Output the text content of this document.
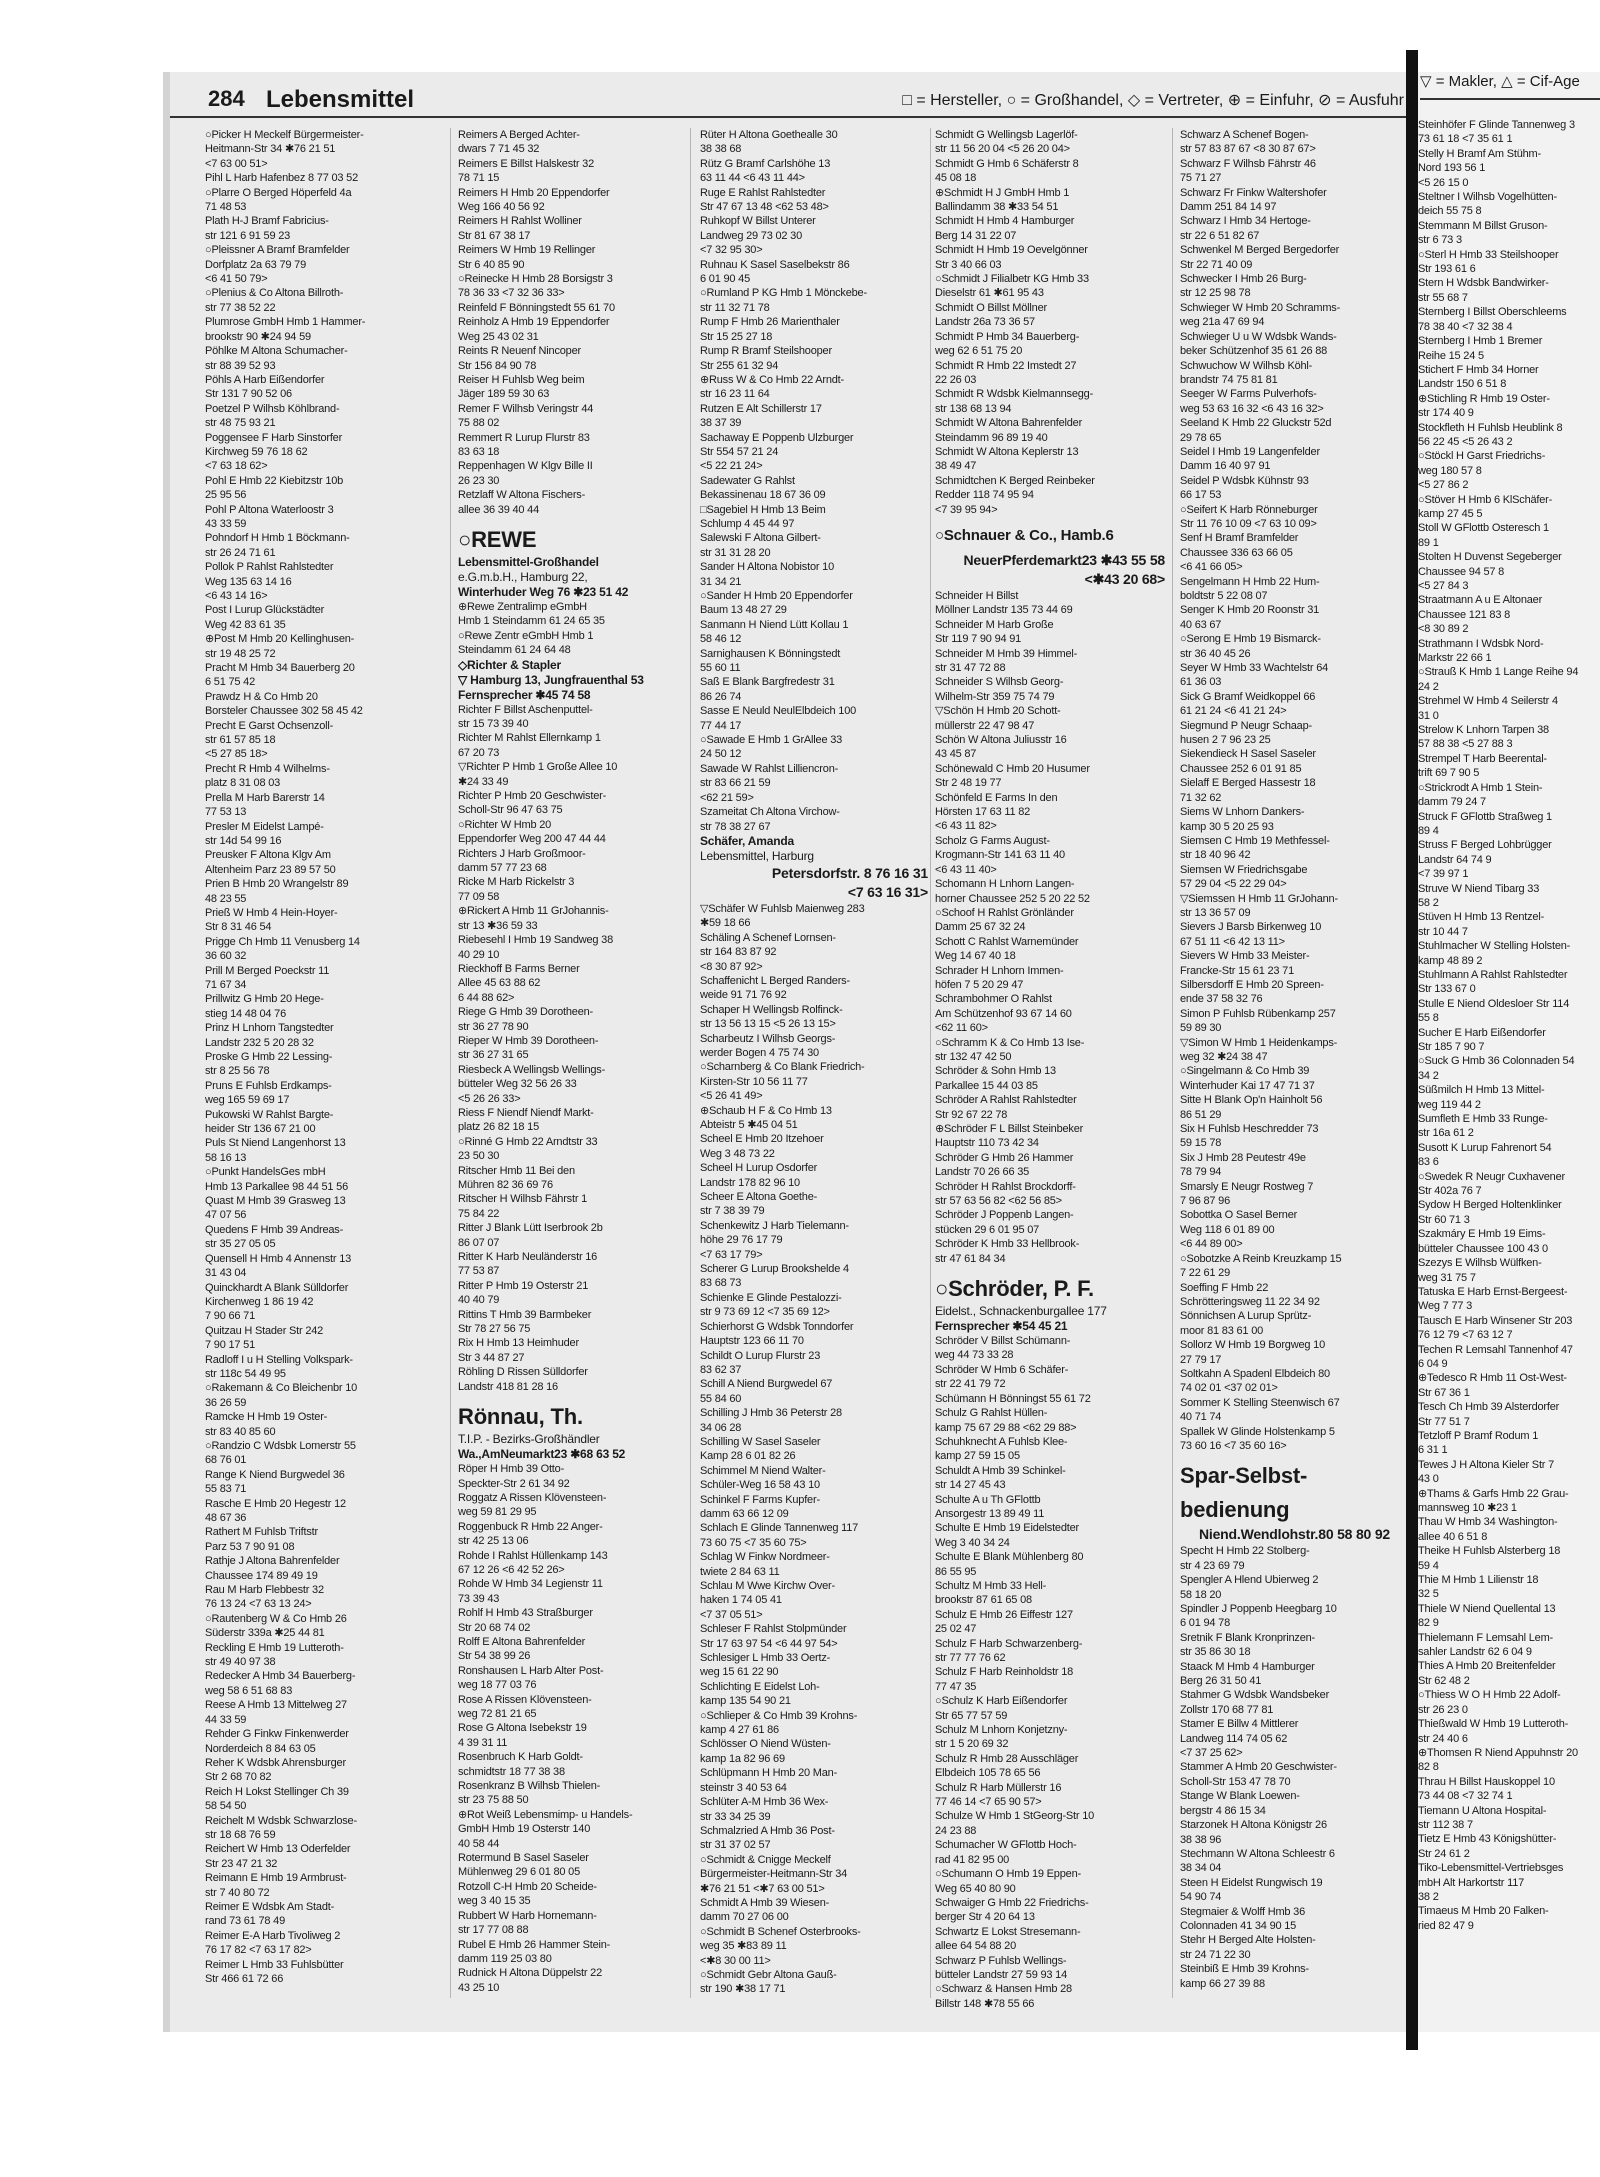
284 Lebensmittel	□ = Hersteller, ○ = Großhandel, ◇ = Vertreter, ⊕ = Einfuhr, ⊘ = Ausfuhr
▽ = Makler, △ = Cif-Age
○Picker H Meckelf Bürgermeister-
Heitmann-Str 34 ✱76 21 51
<7 63 00 51>
Pihl L Harb Hafenbez 8 77 03 52
○Plarre O Berged Höperfeld 4a
71 48 53
Plath H-J Bramf Fabricius-
str 121 6 91 59 23
○Pleissner A Bramf Bramfelder
Dorfplatz 2a 63 79 79
<6 41 50 79>
○Plenius & Co Altona Billroth-
str 77 38 52 22
Plumrose GmbH Hmb 1 Hammer-
brookstr 90 ✱24 94 59
Pöhlke M Altona Schumacher-
str 88 39 52 93
Pöhls A Harb Eißendorfer
Str 131 7 90 52 06
Poetzel P Wilhsb Köhlbrand-
str 48 75 93 21
Poggensee F Harb Sinstorfer
Kirchweg 59 76 18 62
<7 63 18 62>
Pohl E Hmb 22 Kiebitzstr 10b
25 95 56
Pohl P Altona Waterloostr 3
43 33 59
Pohndorf H Hmb 1 Böckmann-
str 26 24 71 61
Pollok P Rahlst Rahlstedter
Weg 135 63 14 16
<6 43 14 16>
Post I Lurup Glückstädter
Weg 42 83 61 35
⊕Post M Hmb 20 Kellinghusen-
str 19 48 25 72
Pracht M Hmb 34 Bauerberg 20
6 51 75 42
Prawdz H & Co Hmb 20
Borsteler Chaussee 302 58 45 42
Precht E Garst Ochsenzoll-
str 61 57 85 18
<5 27 85 18>
Precht R Hmb 4 Wilhelms-
platz 8 31 08 03
Prella M Harb Barerstr 14
77 53 13
Presler M Eidelst Lampé-
str 14d 54 99 16
Preusker F Altona Klgv Am
Altenheim Parz 23 89 57 50
Prien B Hmb 20 Wrangelstr 89
48 23 55
Prieß W Hmb 4 Hein-Hoyer-
Str 8 31 46 54
Prigge Ch Hmb 11 Venusberg 14
36 60 32
Prill M Berged Poeckstr 11
71 67 34
Prillwitz G Hmb 20 Hege-
stieg 14 48 04 76
Prinz H Lnhorn Tangstedter
Landstr 232 5 20 28 32
Proske G Hmb 22 Lessing-
str 8 25 56 78
Pruns E Fuhlsb Erdkamps-
weg 165 59 69 17
Pukowski W Rahlst Bargte-
heider Str 136 67 21 00
Puls St Niend Langenhorst 13
58 16 13
○Punkt HandelsGes mbH
Hmb 13 Parkallee 98 44 51 56
Quast M Hmb 39 Grasweg 13
47 07 56
Quedens F Hmb 39 Andreas-
str 35 27 05 05
Quensell H Hmb 4 Annenstr 13
31 43 04
Quinckhardt A Blank Sülldorfer
Kirchenweg 1 86 19 42
7 90 66 71
Quitzau H Stader Str 242
7 90 17 51
Radloff I u H Stelling Volkspark-
str 118c 54 49 95
○Rakemann & Co Bleichenbr 10
36 26 59
Ramcke H Hmb 19 Oster-
str 83 40 85 60
○Randzio C Wdsbk Lomerstr 55
68 76 01
Range K Niend Burgwedel 36
55 83 71
Rasche E Hmb 20 Hegestr 12
48 67 36
Rathert M Fuhlsb Triftstr
Parz 53 7 90 91 08
Rathje J Altona Bahrenfelder
Chaussee 174 89 49 19
Rau M Harb Flebbestr 32
76 13 24 <7 63 13 24>
○Rautenberg W & Co Hmb 26
Süderstr 339a ✱25 44 81
Reckling E Hmb 19 Lutteroth-
str 49 40 97 38
Redecker A Hmb 34 Bauerberg-
weg 58 6 51 68 83
Reese A Hmb 13 Mittelweg 27
44 33 59
Rehder G Finkw Finkenwerder
Norderdeich 8 84 63 05
Reher K Wdsbk Ahrensburger
Str 2 68 70 82
Reich H Lokst Stellinger Ch 39
58 54 50
Reichelt M Wdsbk Schwarzlose-
str 18 68 76 59
Reichert W Hmb 13 Oderfelder
Str 23 47 21 32
Reimann E Hmb 19 Armbrust-
str 7 40 80 72
Reimer E Wdsbk Am Stadt-
rand 73 61 78 49
Reimer E-A Harb Tivoliweg 2
76 17 82 <7 63 17 82>
Reimer L Hmb 33 Fuhlsbütter
Str 466 61 72 66
Reimers A Berged Achter-
dwars 7 71 45 32
Reimers E Billst Halskestr 32
78 71 15
Reimers H Hmb 20 Eppendorfer
Weg 166 40 56 92
Reimers H Rahlst Wolliner
Str 81 67 38 17
Reimers W Hmb 19 Rellinger
Str 6 40 85 90
○Reinecke H Hmb 28 Borsigstr 3
78 36 33 <7 32 36 33>
Reinfeld F Bönningstedt 55 61 70
Reinholz A Hmb 19 Eppendorfer
Weg 25 43 02 31
Reints R Neuenf Nincoper
Str 156 84 90 78
Reiser H Fuhlsb Weg beim
Jäger 189 59 30 63
Remer F Wilhsb Veringstr 44
75 88 02
Remmert R Lurup Flurstr 83
83 63 18
Reppenhagen W Klgv Bille II
26 23 30
Retzlaff W Altona Fischers-
allee 36 39 40 44
○REWE
Lebensmittel-Großhandel
e.G.m.b.H., Hamburg 22,
Winterhuder Weg 76 ✱23 51 42
⊕Rewe Zentralimp eGmbH
Hmb 1 Steindamm 61 24 65 35
○Rewe Zentr eGmbH Hmb 1
Steindamm 61 24 64 48
◇Richter & Stapler
▽ Hamburg 13, Jungfrauenthal 53
Fernsprecher ✱45 74 58
Richter F Billst Aschenputtel-
str 15 73 39 40
Richter M Rahlst Ellernkamp 1
67 20 73
▽Richter P Hmb 1 Große Allee 10
✱24 33 49
Richter P Hmb 20 Geschwister-
Scholl-Str 96 47 63 75
○Richter W Hmb 20
Eppendorfer Weg 200 47 44 44
Richters J Harb Großmoor-
damm 57 77 23 68
Ricke M Harb Rickelstr 3
77 09 58
⊕Rickert A Hmb 11 GrJohannis-
str 13 ✱36 59 33
Riebesehl I Hmb 19 Sandweg 38
40 29 10
Rieckhoff B Farms Berner
Allee 45 63 88 62
6 44 88 62>
Riege G Hmb 39 Dorotheen-
str 36 27 78 90
Rieper W Hmb 39 Dorotheen-
str 36 27 31 65
Riesbeck A Wellingsb Wellings-
bütteler Weg 32 56 26 33
<5 26 26 33>
Riess F Niendf Niendf Markt-
platz 26 82 18 15
○Rinné G Hmb 22 Arndtstr 33
23 50 30
Ritscher Hmb 11 Bei den
Mühren 82 36 69 76
Ritscher H Wilhsb Fährstr 1
75 84 22
Ritter J Blank Lütt Iserbrook 2b
86 07 07
Ritter K Harb Neuländerstr 16
77 53 87
Ritter P Hmb 19 Osterstr 21
40 40 79
Rittins T Hmb 39 Barmbeker
Str 78 27 56 75
Rix H Hmb 13 Heimhuder
Str 3 44 87 27
Röhling D Rissen Sülldorfer
Landstr 418 81 28 16
Rönnau, Th.
T.I.P. - Bezirks-Großhändler
Wa.,AmNeumarkt23 ✱68 63 52
Röper H Hmb 39 Otto-
Speckter-Str 2 61 34 92
Roggatz A Rissen Klövensteen-
weg 59 81 29 95
Roggenbuck R Hmb 22 Anger-
str 42 25 13 06
Rohde I Rahlst Hüllenkamp 143
67 12 26 <6 42 52 26>
Rohde W Hmb 34 Legienstr 11
73 39 43
Rohlf H Hmb 43 Straßburger
Str 20 68 74 02
Rolff E Altona Bahrenfelder
Str 54 38 99 26
Ronshausen L Harb Alter Post-
weg 18 77 03 76
Rose A Rissen Klövensteen-
weg 72 81 21 65
Rose G Altona Isebekstr 19
4 39 31 11
Rosenbruch K Harb Goldt-
schmidtstr 18 77 38 38
Rosenkranz B Wilhsb Thielen-
str 23 75 88 50
⊕Rot Weiß Lebensmimp- u Handels-
GmbH Hmb 19 Osterstr 140
40 58 44
Rotermund B Sasel Saseler
Mühlenweg 29 6 01 80 05
Rotzoll C-H Hmb 20 Scheide-
weg 3 40 15 35
Rubbert W Harb Hornemann-
str 17 77 08 88
Rubel E Hmb 26 Hammer Stein-
damm 119 25 03 80
Rudnick H Altona Düppelstr 22
43 25 10
Rüter H Altona Goethealle 30
38 38 68
Rütz G Bramf Carlshöhe 13
63 11 44 <6 43 11 44>
Ruge E Rahlst Rahlstedter
Str 47 67 13 48 <62 53 48>
Ruhkopf W Billst Unterer
Landweg 29 73 02 30
<7 32 95 30>
Ruhnau K Sasel Saselbekstr 86
6 01 90 45
○Rumland P KG Hmb 1 Mönckebe-
str 11 32 71 78
Rump F Hmb 26 Marienthaler
Str 15 25 27 18
Rump R Bramf Steilshooper
Str 255 61 32 94
⊕Russ W & Co Hmb 22 Arndt-
str 16 23 11 64
Rutzen E Alt Schillerstr 17
38 37 39
Sachaway E Poppenb Ulzburger
Str 554 57 21 24
<5 22 21 24>
Sadewater G Rahlst
Bekassinenau 18 67 36 09
□Sagebiel H Hmb 13 Beim
Schlump 4 45 44 97
Salewski F Altona Gilbert-
str 31 31 28 20
Sander H Altona Nobistor 10
31 34 21
○Sander H Hmb 20 Eppendorfer
Baum 13 48 27 29
Sanmann H Niend Lütt Kollau 1
58 46 12
Sarnighausen K Bönningstedt
55 60 11
Saß E Blank Bargfredestr 31
86 26 74
Sasse E Neuld NeulElbdeich 100
77 44 17
○Sawade E Hmb 1 GrAllee 33
24 50 12
Sawade W Rahlst Lilliencron-
str 83 66 21 59
<62 21 59>
Szameitat Ch Altona Virchow-
str 78 38 27 67
Schäfer, Amanda
Lebensmittel, Harburg
Petersdorfstr. 8 76 16 31
<7 63 16 31>
▽Schäfer W Fuhlsb Maienweg 283
✱59 18 66
Schäling A Schenef Lornsen-
str 164 83 87 92
<8 30 87 92>
Schaffenicht L Berged Randers-
weide 91 71 76 92
Schaper H Wellingsb Rolfinck-
str 13 56 13 15 <5 26 13 15>
Scharbeutz I Wilhsb Georgs-
werder Bogen 4 75 74 30
○Scharnberg & Co Blank Friedrich-
Kirsten-Str 10 56 11 77
<5 26 41 49>
⊕Schaub H F & Co Hmb 13
Abteistr 5 ✱45 04 51
Scheel E Hmb 20 Itzehoer
Weg 3 48 73 22
Scheel H Lurup Osdorfer
Landstr 178 82 96 10
Scheer E Altona Goethe-
str 7 38 39 79
Schenkewitz J Harb Tielemann-
höhe 29 76 17 79
<7 63 17 79>
Scherer G Lurup Brookshelde 4
83 68 73
Schienke E Glinde Pestalozzi-
str 9 73 69 12 <7 35 69 12>
Schierhorst G Wdsbk Tonndorfer
Hauptstr 123 66 11 70
Schildt O Lurup Flurstr 23
83 62 37
Schill A Niend Burgwedel 67
55 84 60
Schilling J Hmb 36 Peterstr 28
34 06 28
Schilling W Sasel Saseler
Kamp 28 6 01 82 26
Schimmel M Niend Walter-
Schüler-Weg 16 58 43 10
Schinkel F Farms Kupfer-
damm 63 66 12 09
Schlach E Glinde Tannenweg 117
73 60 75 <7 35 60 75>
Schlag W Finkw Nordmeer-
twiete 2 84 63 11
Schlau M Wwe Kirchw Over-
haken 1 74 05 41
<7 37 05 51>
Schleser F Rahlst Stolpmünder
Str 17 63 97 54 <6 44 97 54>
Schlesiger L Hmb 33 Oertz-
weg 15 61 22 90
Schlichting E Eidelst Loh-
kamp 135 54 90 21
○Schlieper & Co Hmb 39 Krohns-
kamp 4 27 61 86
Schlösser O Niend Wüsten-
kamp 1a 82 96 69
Schlüpmann H Hmb 20 Man-
steinstr 3 40 53 64
Schlüter A-M Hmb 36 Wex-
str 33 34 25 39
Schmalzried A Hmb 36 Post-
str 31 37 02 57
○Schmidt & Cnigge Meckelf
Bürgermeister-Heitmann-Str 34
✱76 21 51 <✱7 63 00 51>
Schmidt A Hmb 39 Wiesen-
damm 70 27 06 00
○Schmidt B Schenef Osterbrooks-
weg 35 ✱83 89 11
<✱8 30 00 11>
○Schmidt Gebr Altona Gauß-
str 190 ✱38 17 71
Schmidt G Wellingsb Lagerlöf-
str 11 56 20 04 <5 26 20 04>
Schmidt G Hmb 6 Schäferstr 8
45 08 18
⊕Schmidt H J GmbH Hmb 1
Ballindamm 38 ✱33 54 51
Schmidt H Hmb 4 Hamburger
Berg 14 31 22 07
Schmidt H Hmb 19 Oevelgönner
Str 3 40 66 03
○Schmidt J Filialbetr KG Hmb 33
Dieselstr 61 ✱61 95 43
Schmidt O Billst Möllner
Landstr 26a 73 36 57
Schmidt P Hmb 34 Bauerberg-
weg 62 6 51 75 20
Schmidt R Hmb 22 Imstedt 27
22 26 03
Schmidt R Wdsbk Kielmannsegg-
str 138 68 13 94
Schmidt W Altona Bahrenfelder
Steindamm 96 89 19 40
Schmidt W Altona Keplerstr 13
38 49 47
Schmidtchen K Berged Reinbeker
Redder 118 74 95 94
<7 39 95 94>
○Schnauer & Co., Hamb.6
NeuerPferdemarkt23 ✱43 55 58
<✱43 20 68>
Schneider H Billst
Möllner Landstr 135 73 44 69
Schneider M Harb Große
Str 119 7 90 94 91
Schneider M Hmb 39 Himmel-
str 31 47 72 88
Schneider S Wilhsb Georg-
Wilhelm-Str 359 75 74 79
▽Schön H Hmb 20 Schott-
müllerstr 22 47 98 47
Schön W Altona Juliusstr 16
43 45 87
Schönewald C Hmb 20 Husumer
Str 2 48 19 77
Schönfeld E Farms In den
Hörsten 17 63 11 82
<6 43 11 82>
Scholz G Farms August-
Krogmann-Str 141 63 11 40
<6 43 11 40>
Schomann H Lnhorn Langen-
horner Chaussee 252 5 20 22 52
○Schoof H Rahlst Grönländer
Damm 25 67 32 24
Schott C Rahlst Warnemünder
Weg 14 67 40 18
Schrader H Lnhorn Immen-
höfen 7 5 20 29 47
Schrambohmer O Rahlst
Am Schützenhof 93 67 14 60
<62 11 60>
○Schramm K & Co Hmb 13 Ise-
str 132 47 42 50
Schröder & Sohn Hmb 13
Parkallee 15 44 03 85
Schröder A Rahlst Rahlstedter
Str 92 67 22 78
⊕Schröder F L Billst Steinbeker
Hauptstr 110 73 42 34
Schröder G Hmb 26 Hammer
Landstr 70 26 66 35
Schröder H Rahlst Brockdorff-
str 57 63 56 82 <62 56 85>
Schröder J Poppenb Langen-
stücken 29 6 01 95 07
Schröder K Hmb 33 Hellbrook-
str 47 61 84 34
○Schröder, P. F.
Eidelst., Schnackenburgallee 177
Fernsprecher ✱54 45 21
Schröder V Billst Schümann-
weg 44 73 33 28
Schröder W Hmb 6 Schäfer-
str 22 41 79 72
Schümann H Bönningst 55 61 72
Schulz G Rahlst Hüllen-
kamp 75 67 29 88 <62 29 88>
Schuhknecht A Fuhlsb Klee-
kamp 27 59 15 05
Schuldt A Hmb 39 Schinkel-
str 14 27 45 43
Schulte A u Th GFlottb
Ansorgestr 13 89 49 11
Schulte E Hmb 19 Eidelstedter
Weg 3 40 34 24
Schulte E Blank Mühlenberg 80
86 55 95
Schultz M Hmb 33 Hell-
brookstr 87 61 65 08
Schulz E Hmb 26 Eiffestr 127
25 02 47
Schulz F Harb Schwarzenberg-
str 77 77 76 62
Schulz F Harb Reinholdstr 18
77 47 35
○Schulz K Harb Eißendorfer
Str 65 77 57 59
Schulz M Lnhorn Konjetzny-
str 1 5 20 69 32
Schulz R Hmb 28 Ausschläger
Elbdeich 105 78 65 56
Schulz R Harb Müllerstr 16
77 46 14 <7 65 90 57>
Schulze W Hmb 1 StGeorg-Str 10
24 23 88
Schumacher W GFlottb Hoch-
rad 41 82 95 00
○Schumann O Hmb 19 Eppen-
Weg 65 40 80 90
Schwaiger G Hmb 22 Friedrichs-
berger Str 4 20 64 13
Schwartz E Lokst Stresemann-
allee 64 54 88 20
Schwarz P Fuhlsb Wellings-
bütteler Landstr 27 59 93 14
○Schwarz & Hansen Hmb 28
Billstr 148 ✱78 55 66
Schwarz A Schenef Bogen-
str 57 83 87 67 <8 30 87 67>
Schwarz F Wilhsb Fährstr 46
75 71 27
Schwarz Fr Finkw Waltershofer
Damm 251 84 14 97
Schwarz I Hmb 34 Hertoge-
str 22 6 51 82 67
Schwenkel M Berged Bergedorfer
Str 22 71 40 09
Schwecker I Hmb 26 Burg-
str 12 25 98 78
Schwieger W Hmb 20 Schramms-
weg 21a 47 69 94
Schwieger U u W Wdsbk Wands-
beker Schützenhof 35 61 26 88
Schwuchow W Wilhsb Köhl-
brandstr 74 75 81 81
Seeger W Farms Pulverhofs-
weg 53 63 16 32 <6 43 16 32>
Seeland K Hmb 22 Gluckstr 52d
29 78 65
Seidel I Hmb 19 Langenfelder
Damm 16 40 97 91
Seidel P Wdsbk Kühnstr 93
66 17 53
○Seifert K Harb Rönneburger
Str 11 76 10 09 <7 63 10 09>
Senf H Bramf Bramfelder
Chaussee 336 63 66 05
<6 41 66 05>
Sengelmann H Hmb 22 Hum-
boldtstr 5 22 08 07
Senger K Hmb 20 Roonstr 31
40 63 67
○Serong E Hmb 19 Bismarck-
str 36 40 45 26
Seyer W Hmb 33 Wachtelstr 64
61 36 03
Sick G Bramf Weidkoppel 66
61 21 24 <6 41 21 24>
Siegmund P Neugr Schaap-
husen 2 7 96 23 25
Siekendieck H Sasel Saseler
Chaussee 252 6 01 91 85
Sielaff E Berged Hassestr 18
71 32 62
Siems W Lnhorn Dankers-
kamp 30 5 20 25 93
Siemsen C Hmb 19 Methfessel-
str 18 40 96 42
Siemsen W Friedrichsgabe
57 29 04 <5 22 29 04>
▽Siemssen H Hmb 11 GrJohann-
str 13 36 57 09
Sievers J Barsb Birkenweg 10
67 51 11 <6 42 13 11>
Sievers W Hmb 33 Meister-
Francke-Str 15 61 23 71
Silbersdorff E Hmb 20 Spreen-
ende 37 58 32 76
Simon P Fuhlsb Rübenkamp 257
59 89 30
▽Simon W Hmb 1 Heidenkamps-
weg 32 ✱24 38 47
○Singelmann & Co Hmb 39
Winterhuder Kai 17 47 71 37
Sitte H Blank Op'n Hainholt 56
86 51 29
Six H Fuhlsb Heschredder 73
59 15 78
Six J Hmb 28 Peutestr 49e
78 79 94
Smarsly E Neugr Rostweg 7
7 96 87 96
Sobottka O Sasel Berner
Weg 118 6 01 89 00
<6 44 89 00>
○Sobotzke A Reinb Kreuzkamp 15
7 22 61 29
Soeffing F Hmb 22
Schrötteringsweg 11 22 34 92
Sönnichsen A Lurup Sprütz-
moor 81 83 61 00
Sollorz W Hmb 19 Borgweg 10
27 79 17
Soltkahn A Spadenl Elbdeich 80
74 02 01 <37 02 01>
Sommer K Stelling Steenwisch 67
40 71 74
Spallek W Glinde Holstenkamp 5
73 60 16 <7 35 60 16>
Spar-Selbst-
bedienung
Niend.Wendlohstr.80 58 80 92
Specht H Hmb 22 Stolberg-
str 4 23 69 79
Spengler A Hlend Ubierweg 2
58 18 20
Spindler J Poppenb Heegbarg 10
6 01 94 78
Sretnik F Blank Kronprinzen-
str 35 86 30 18
Staack M Hmb 4 Hamburger
Berg 26 31 50 41
Stahmer G Wdsbk Wandsbeker
Zollstr 170 68 77 81
Stamer E Billw 4 Mittlerer
Landweg 114 74 05 62
<7 37 25 62>
Stammer A Hmb 20 Geschwister-
Scholl-Str 153 47 78 70
Stange W Blank Loewen-
bergstr 4 86 15 34
Starzonek H Altona Königstr 26
38 38 96
Stechmann W Altona Schleestr 6
38 34 04
Steen H Eidelst Rungwisch 19
54 90 74
Stegmaier & Wolff Hmb 36
Colonnaden 41 34 90 15
Stehr H Berged Alte Holsten-
str 24 71 22 30
Steinbiß E Hmb 39 Krohns-
kamp 66 27 39 88
Steinhöfer F Glinde Tannenweg 3
73 61 18 <7 35 61 1
Stelly H Bramf Am Stühm-
Nord 193 56 1
<5 26 15 0
Steltner I Wilhsb Vogelhütten-
deich 55 75 8
Stemmann M Billst Gruson-
str 6 73 3
○Sterl H Hmb 33 Steilshooper
Str 193 61 6
Stern H Wdsbk Bandwirker-
str 55 68 7
Sternberg I Billst Oberschleems
78 38 40 <7 32 38 4
Sternberg I Hmb 1 Bremer
Reihe 15 24 5
Stichert F Hmb 34 Horner
Landstr 150 6 51 8
⊕Stichling R Hmb 19 Oster-
str 174 40 9
Stockfleth H Fuhlsb Heublink 8
56 22 45 <5 26 43 2
○Stöckl H Garst Friedrichs-
weg 180 57 8
<5 27 86 2
○Stöver H Hmb 6 KlSchäfer-
kamp 27 45 5
Stoll W GFlottb Osteresch 1
89 1
Stolten H Duvenst Segeberger
Chaussee 94 57 8
<5 27 84 3
Straatmann A u E Altonaer
Chaussee 121 83 8
<8 30 89 2
Strathmann I Wdsbk Nord-
Markstr 22 66 1
○Strauß K Hmb 1 Lange Reihe 94
24 2
Strehmel W Hmb 4 Seilerstr 4
31 0
Strelow K Lnhorn Tarpen 38
57 88 38 <5 27 88 3
Strempel T Harb Beerental-
trift 69 7 90 5
○Strickrodt A Hmb 1 Stein-
damm 79 24 7
Struck F GFlottb Straßweg 1
89 4
Struss F Berged Lohbrügger
Landstr 64 74 9
<7 39 97 1
Struve W Niend Tibarg 33
58 2
Stüven H Hmb 13 Rentzel-
str 10 44 7
Stuhlmacher W Stelling Holsten-
kamp 48 89 2
Stuhlmann A Rahlst Rahlstedter
Str 133 67 0
Stulle E Niend Oldesloer Str 114
55 8
Sucher E Harb Eißendorfer
Str 185 7 90 7
○Suck G Hmb 36 Colonnaden 54
34 2
Süßmilch H Hmb 13 Mittel-
weg 119 44 2
Sumfleth E Hmb 33 Runge-
str 16a 61 2
Susott K Lurup Fahrenort 54
83 6
○Swedek R Neugr Cuxhavener
Str 402a 76 7
Sydow H Berged Holtenklinker
Str 60 71 3
Szakmáry E Hmb 19 Eims-
bütteler Chaussee 100 43 0
Szezys E Wilhsb Wülfken-
weg 31 75 7
Tatuska E Harb Ernst-Bergeest-
Weg 7 77 3
Tausch E Harb Winsener Str 203
76 12 79 <7 63 12 7
Techen R Lemsahl Tannenhof 47
6 04 9
⊕Tedesco R Hmb 11 Ost-West-
Str 67 36 1
Tesch Ch Hmb 39 Alsterdorfer
Str 77 51 7
Tetzloff P Bramf Rodum 1
6 31 1
Tewes J H Altona Kieler Str 7
43 0
⊕Thams & Garfs Hmb 22 Grau-
mannsweg 10 ✱23 1
Thau W Hmb 34 Washington-
allee 40 6 51 8
Theike H Fuhlsb Alsterberg 18
59 4
Thie M Hmb 1 Lilienstr 18
32 5
Thiele W Niend Quellental 13
82 9
Thielemann F Lemsahl Lem-
sahler Landstr 62 6 04 9
Thies A Hmb 20 Breitenfelder
Str 62 48 2
○Thiess W O H Hmb 22 Adolf-
str 26 23 0
Thießwald W Hmb 19 Lutteroth-
str 24 40 6
⊕Thomsen R Niend Appuhnstr 20
82 8
Thrau H Billst Hauskoppel 10
73 44 08 <7 32 74 1
Tiemann U Altona Hospital-
str 112 38 7
Tietz E Hmb 43 Königshütter-
Str 24 61 2
Tiko-Lebensmittel-Vertriebsges
mbH Alt Harkortstr 117
38 2
Timaeus M Hmb 20 Falken-
ried 82 47 9
